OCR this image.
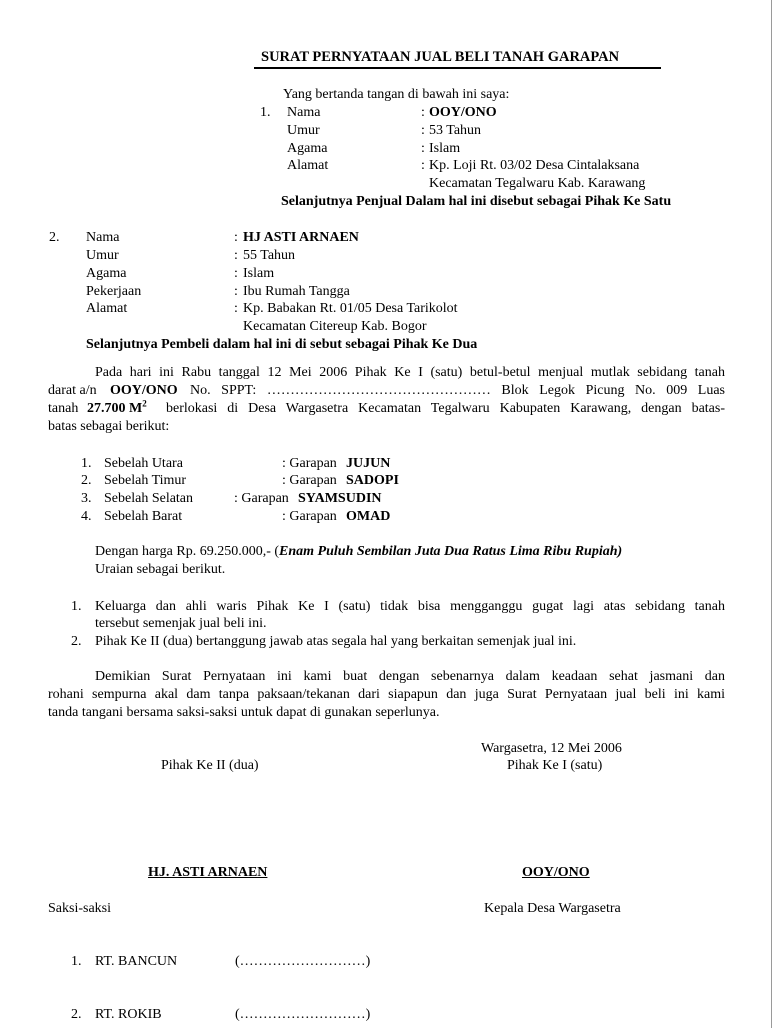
SURAT PERNYATAAN JUAL BELI TANAH GARAPAN
Yang bertanda tangan di bawah ini saya:
1. Nama	: OOY/ONO
Umur	: 53 Tahun
Agama	: Islam
Alamat	: Kp. Loji Rt. 03/02 Desa Cintalaksana
Kecamatan Tegalwaru Kab. Karawang
Selanjutnya Penjual Dalam hal ini disebut sebagai Pihak Ke Satu
2. Nama	: HJ ASTI ARNAEN
Umur	: 55 Tahun
Agama	: Islam
Pekerjaan	: Ibu Rumah Tangga
Alamat	: Kp. Babakan Rt. 01/05 Desa Tarikolot
Kecamatan Citereup Kab. Bogor
Selanjutnya Pembeli dalam hal ini di sebut sebagai Pihak Ke Dua
Pada hari ini Rabu tanggal 12 Mei 2006 Pihak Ke I (satu) betul-betul menjual mutlak sebidang tanah
darat a/n OOY/ONO No. SPPT: ………………………………………… Blok Legok Picung No. 009 Luas
tanah 27.700 $M^2$ berlokasi di Desa Wargasetra Kecamatan Tegalwaru Kabupaten Karawang, dengan batas-
batas sebagai berikut:
1. Sebelah Utara	: Garapan JUJUN
2. Sebelah Timur	: Garapan SADOPI
3. Sebelah Selatan	: Garapan SYAMSUDIN
4. Sebelah Barat	: Garapan OMAD
Dengan harga Rp. 69.250.000,- (Enam Puluh Sembilan Juta Dua Ratus Lima Ribu Rupiah)
Uraian sebagai berikut.
1. Keluarga dan ahli waris Pihak Ke I (satu) tidak bisa mengganggu gugat lagi atas sebidang tanah
tersebut semenjak jual beli ini.
2. Pihak Ke II (dua) bertanggung jawab atas segala hal yang berkaitan semenjak jual ini.
Demikian Surat Pernyataan ini kami buat dengan sebenarnya dalam keadaan sehat jasmani dan
rohani sempurna akal dam tanpa paksaan/tekanan dari siapapun dan juga Surat Pernyataan jual beli ini kami
tanda tangani bersama saksi-saksi untuk dapat di gunakan seperlunya.
Wargasetra, 12 Mei 2006
Pihak Ke II (dua)	Pihak Ke I (satu)
HJ. ASTI ARNAEN	OOY/ONO
Saksi-saksi	Kepala Desa Wargasetra
1. RT. BANCUN	(………………………)
2. RT. ROKIB	(………………………)
